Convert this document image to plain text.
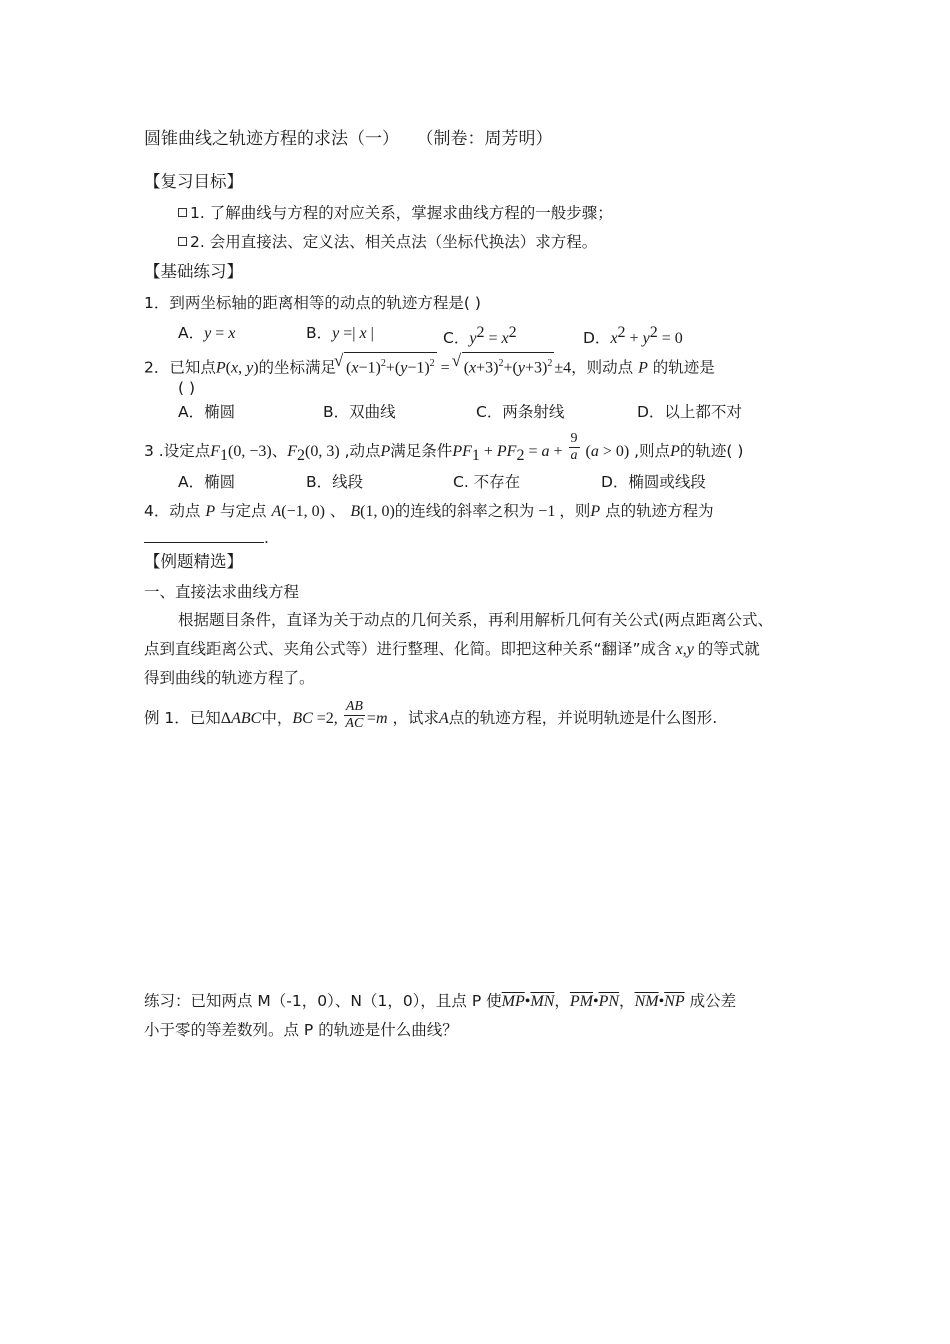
圆锥曲线之轨迹方程的求法（一） （制卷：周芳明）
【复习目标】
1. 了解曲线与方程的对应关系，掌握求曲线方程的一般步骤；
2. 会用直接法、定义法、相关点法（坐标代换法）求方程。
【基础练习】
1．到两坐标轴的距离相等的动点的轨迹方程是( )
A．y = x	B．y =| x |	C．$y^2 = x^2$	D．$x^2 + y^2 = 0$
2．已知点P(x, y)的坐标满足 √ $(x-1)^2+(y-1)^2$ = √ $(x+3)^2+(y+3)^2 \pm 4$，则动点 P 的轨迹是
( )
A．椭圆	B．双曲线	C．两条射线	D．以上都不对
3 .设定点$F_1(0$, −3)、$F_2(0$, 3) ,动点P满足条件$PF_1 + PF_2 = a + \frac{9}{a} (a > 0)$ ,则点P的轨迹( )
A．椭圆	B．线段	C. 不存在	D．椭圆或线段
4．动点 P 与定点 A(−1, 0) 、 B(1, 0)的连线的斜率之积为 −1 ，则P 点的轨迹方程为
.
【例题精选】
一、直接法求曲线方程
根据题目条件，直译为关于动点的几何关系，再利用解析几何有关公式(两点距离公式、
点到直线距离公式、夹角公式等）进行整理、化简。即把这种关系“翻译”成含 x,y 的等式就
得到曲线的轨迹方程了。
例 1．已知ΔABC中，BC =2, $\frac{AB}{AC} =m$ ，试求A点的轨迹方程，并说明轨迹是什么图形.
练习：已知两点 M（-1，0）、N（1，0），且点 P 使$\overline{MP}•\overline{MN}$，$\overline{PM}•\overline{PN}$，$\overline{NM}•\overline{NP}$ 成公差
小于零的等差数列。点 P 的轨迹是什么曲线？
